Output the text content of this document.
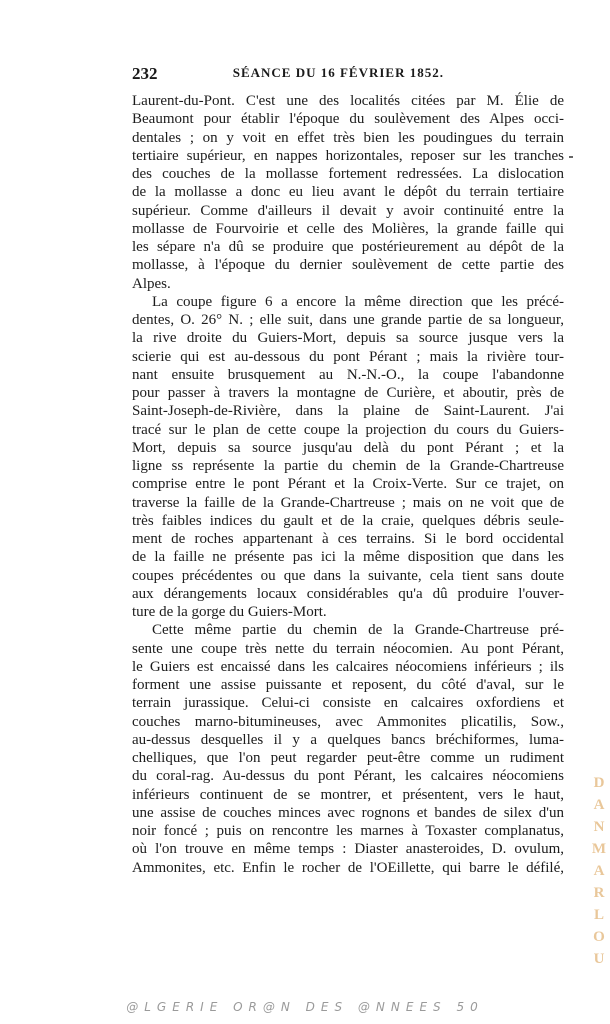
232	SÉANCE DU 16 FÉVRIER 1852.
Laurent-du-Pont. C'est une des localités citées par M. Élie de
Beaumont pour établir l'époque du soulèvement des Alpes occi-
dentales ; on y voit en effet très bien les poudingues du terrain
tertiaire supérieur, en nappes horizontales, reposer sur les tranches
des couches de la mollasse fortement redressées. La dislocation
de la mollasse a donc eu lieu avant le dépôt du terrain tertiaire
supérieur. Comme d'ailleurs il devait y avoir continuité entre la
mollasse de Fourvoirie et celle des Molières, la grande faille qui
les sépare n'a dû se produire que postérieurement au dépôt de la
mollasse, à l'époque du dernier soulèvement de cette partie des
Alpes.
La coupe figure 6 a encore la même direction que les précé-
dentes, O. 26° N. ; elle suit, dans une grande partie de sa longueur,
la rive droite du Guiers-Mort, depuis sa source jusque vers la
scierie qui est au-dessous du pont Pérant ; mais la rivière tour-
nant ensuite brusquement au N.-N.-O., la coupe l'abandonne
pour passer à travers la montagne de Curière, et aboutir, près de
Saint-Joseph-de-Rivière, dans la plaine de Saint-Laurent. J'ai
tracé sur le plan de cette coupe la projection du cours du Guiers-
Mort, depuis sa source jusqu'au delà du pont Pérant ; et la
ligne ss représente la partie du chemin de la Grande-Chartreuse
comprise entre le pont Pérant et la Croix-Verte. Sur ce trajet, on
traverse la faille de la Grande-Chartreuse ; mais on ne voit que de
très faibles indices du gault et de la craie, quelques débris seule-
ment de roches appartenant à ces terrains. Si le bord occidental
de la faille ne présente pas ici la même disposition que dans les
coupes précédentes ou que dans la suivante, cela tient sans doute
aux dérangements locaux considérables qu'a dû produire l'ouver-
ture de la gorge du Guiers-Mort.
Cette même partie du chemin de la Grande-Chartreuse pré-
sente une coupe très nette du terrain néocomien. Au pont Pérant,
le Guiers est encaissé dans les calcaires néocomiens inférieurs ; ils
forment une assise puissante et reposent, du côté d'aval, sur le
terrain jurassique. Celui-ci consiste en calcaires oxfordiens et
couches marno-bitumineuses, avec Ammonites plicatilis, Sow.,
au-dessus desquelles il y a quelques bancs bréchiformes, luma-
chelliques, que l'on peut regarder peut-être comme un rudiment
du coral-rag. Au-dessus du pont Pérant, les calcaires néocomiens
inférieurs continuent de se montrer, et présentent, vers le haut,
une assise de couches minces avec rognons et bandes de silex d'un
noir foncé ; puis on rencontre les marnes à Toxaster complanatus,
où l'on trouve en même temps : Diaster anasteroides, D. ovulum,
Ammonites, etc. Enfin le rocher de l'OEillette, qui barre le défilé,
D
A
N
M
A
R
L
O
U
@LGERIE OR@N DES @NNEES 50
